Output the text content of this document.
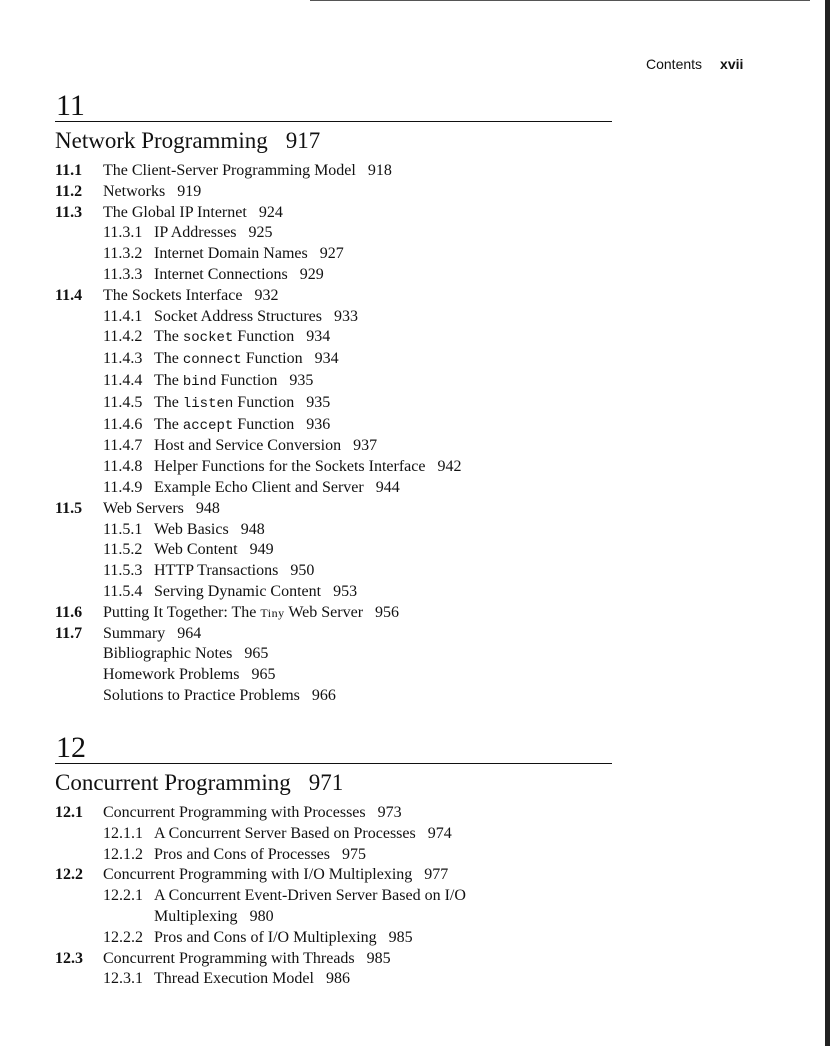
Contents xvii
11
Network Programming 917
11.1 The Client-Server Programming Model 918
11.2 Networks 919
11.3 The Global IP Internet 924
11.3.1 IP Addresses 925
11.3.2 Internet Domain Names 927
11.3.3 Internet Connections 929
11.4 The Sockets Interface 932
11.4.1 Socket Address Structures 933
11.4.2 The socket Function 934
11.4.3 The connect Function 934
11.4.4 The bind Function 935
11.4.5 The listen Function 935
11.4.6 The accept Function 936
11.4.7 Host and Service Conversion 937
11.4.8 Helper Functions for the Sockets Interface 942
11.4.9 Example Echo Client and Server 944
11.5 Web Servers 948
11.5.1 Web Basics 948
11.5.2 Web Content 949
11.5.3 HTTP Transactions 950
11.5.4 Serving Dynamic Content 953
11.6 Putting It Together: The Tiny Web Server 956
11.7 Summary 964
Bibliographic Notes 965
Homework Problems 965
Solutions to Practice Problems 966
12
Concurrent Programming 971
12.1 Concurrent Programming with Processes 973
12.1.1 A Concurrent Server Based on Processes 974
12.1.2 Pros and Cons of Processes 975
12.2 Concurrent Programming with I/O Multiplexing 977
12.2.1 A Concurrent Event-Driven Server Based on I/O
Multiplexing 980
12.2.2 Pros and Cons of I/O Multiplexing 985
12.3 Concurrent Programming with Threads 985
12.3.1 Thread Execution Model 986
